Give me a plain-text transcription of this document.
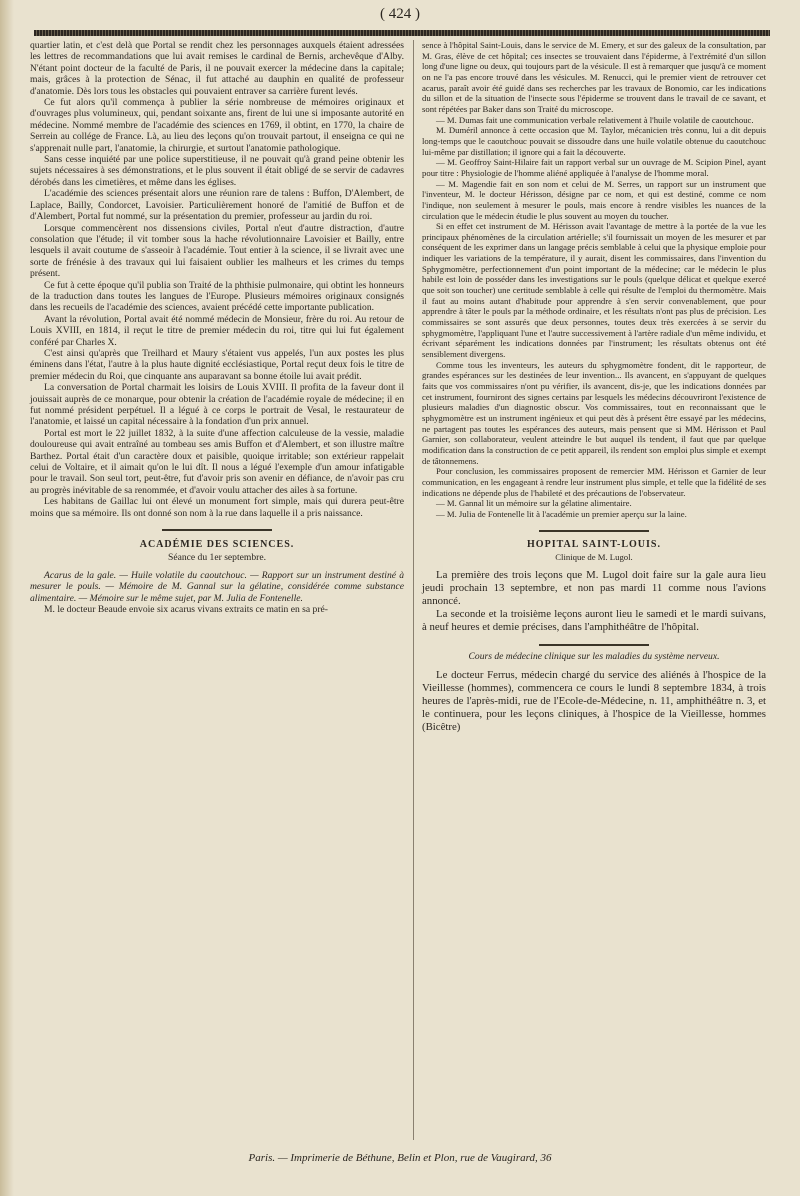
( 424 )

quartier latin, et c'est delà que Portal se rendit chez les personnages auxquels étaient adressées les lettres de recommandations que lui avait remises le cardinal de Bernis, archevêque d'Alby. N'étant point docteur de la faculté de Paris, il ne pouvait exercer la médecine dans la capitale; mais, grâces à la protection de Sénac, il fut attaché au dauphin en qualité de professeur d'anatomie. Dès lors tous les obstacles qui pouvaient entraver sa carrière furent levés.

Ce fut alors qu'il commença à publier la série nombreuse de mémoires originaux et d'ouvrages plus volumineux, qui, pendant soixante ans, firent de lui une si imposante autorité en médecine. Nommé membre de l'académie des sciences en 1769, il obtint, en 1770, la chaire de Serrein au collége de France. Là, au lieu des leçons qu'on trouvait partout, il enseigna ce qui ne s'apprenait nulle part, l'anatomie, la chirurgie, et surtout l'anatomie pathologique.

Sans cesse inquiété par une police superstitieuse, il ne pouvait qu'à grand peine obtenir les sujets nécessaires à ses démonstrations, et le plus souvent il était obligé de se servir de cadavres dérobés dans les cimetières, et même dans les églises.

L'académie des sciences présentait alors une réunion rare de talens : Buffon, D'Alembert, de Laplace, Bailly, Condorcet, Lavoisier. Particulièrement honoré de l'amitié de Buffon et de d'Alembert, Portal fut nommé, sur la présentation du premier, professeur au jardin du roi.

Lorsque commencèrent nos dissensions civiles, Portal n'eut d'autre distraction, d'autre consolation que l'étude; il vit tomber sous la hache révolutionnaire Lavoisier et Bailly, entre lesquels il avait coutume de s'asseoir à l'académie. Tout entier à la science, il se livrait avec une sorte de frénésie à des travaux qui lui faisaient oublier les malheurs et les crimes du temps présent.

Ce fut à cette époque qu'il publia son Traité de la phthisie pulmonaire, qui obtint les honneurs de la traduction dans toutes les langues de l'Europe. Plusieurs mémoires originaux consignés dans les recueils de l'académie des sciences, avaient précédé cette importante publication.

Avant la révolution, Portal avait été nommé médecin de Monsieur, frère du roi. Au retour de Louis XVIII, en 1814, il reçut le titre de premier médecin du roi, titre qui lui fut également conféré par Charles X.

C'est ainsi qu'après que Treilhard et Maury s'étaient vus appelés, l'un aux postes les plus éminens dans l'état, l'autre à la plus haute dignité ecclésiastique, Portal reçut deux fois le titre de premier médecin du Roi, que cinquante ans auparavant sa bonne étoile lui avait prédit.

La conversation de Portal charmait les loisirs de Louis XVIII. Il profita de la faveur dont il jouissait auprès de ce monarque, pour obtenir la création de l'académie royale de médecine; il en fut nommé président perpétuel. Il a légué à ce corps le portrait de Vesal, le restaurateur de l'anatomie, et laissé un capital nécessaire à la fondation d'un prix annuel.

Portal est mort le 22 juillet 1832, à la suite d'une affection calculeuse de la vessie, maladie douloureuse qui avait entraîné au tombeau ses amis Buffon et d'Alembert, et son illustre maître Barthez. Portal était d'un caractère doux et paisible, quoique irritable; son extérieur rappelait celui de Voltaire, et il aimait qu'on le lui dît. Il nous a légué l'exemple d'un amour infatigable pour le travail. Son seul tort, peut-être, fut d'avoir pris son avenir en défiance, de n'avoir pas cru au progrès inévitable de sa renommée, et d'avoir voulu attacher des ailes à sa fortune.

Les habitans de Gaillac lui ont élevé un monument fort simple, mais qui durera peut-être moins que sa mémoire. Ils ont donné son nom à la rue dans laquelle il a pris naissance.

ACADÉMIE DES SCIENCES.
Séance du 1er septembre.

Acarus de la gale. — Huile volatile du caoutchouc. — Rapport sur un instrument destiné à mesurer le pouls. — Mémoire de M. Gannal sur la gélatine, considérée comme substance alimentaire. — Mémoire sur le même sujet, par M. Julia de Fontenelle.

M. le docteur Beaude envoie six acarus vivans extraits ce matin en sa pré-

sence à l'hôpital Saint-Louis, dans le service de M. Emery, et sur des galeux de la consultation, par M. Gras, élève de cet hôpital; ces insectes se trouvaient dans l'épiderme, à l'extrémité d'un sillon long d'une ligne ou deux, qui toujours part de la vésicule. Il est à remarquer que jusqu'à ce moment on ne l'a pas encore trouvé dans les vésicules. M. Renucci, qui le premier vient de retrouver cet acarus, paraît avoir été guidé dans ses recherches par les travaux de Bonomio, car les indications du sillon et de la situation de l'insecte sous l'épiderme se trouvent dans le travail de ce savant, et sont répétées par Baker dans son Traité du microscope.

— M. Dumas fait une communication verbale relativement à l'huile volatile de caoutchouc.

M. Duméril annonce à cette occasion que M. Taylor, mécanicien très connu, lui a dit depuis long-temps que le caoutchouc pouvait se dissoudre dans une huile volatile obtenue du caoutchouc lui-même par distillation; il ignore qui a fait la découverte.

— M. Geoffroy Saint-Hilaire fait un rapport verbal sur un ouvrage de M. Scipion Pinel, ayant pour titre : Physiologie de l'homme aliéné appliquée à l'analyse de l'homme moral.

— M. Magendie fait en son nom et celui de M. Serres, un rapport sur un instrument que l'inventeur, M. le docteur Hérisson, désigne par ce nom, et qui est destiné, comme ce nom l'indique, non seulement à mesurer le pouls, mais encore à rendre visibles les nuances de la circulation que le médecin étudie le plus souvent au moyen du toucher.

Si en effet cet instrument de M. Hérisson avait l'avantage de mettre à la portée de la vue les principaux phénomènes de la circulation artérielle; s'il fournissait un moyen de les mesurer et par conséquent de les exprimer dans un langage précis semblable à celui que la physique emploie pour indiquer les variations de la température, il y aurait, disent les commissaires, dans l'invention du Sphygmomètre, perfectionnement d'un point important de la médecine; car le médecin le plus habile est loin de posséder dans les investigations sur le pouls (quelque délicat et quelque exercé que soit son toucher) une certitude semblable à celle qui résulte de l'emploi du thermomètre. Mais il faut au moins autant d'habitude pour apprendre à s'en servir convenablement, que pour apprendre à tâter le pouls par la méthode ordinaire, et les résultats n'ont pas plus de précision. Les commissaires se sont assurés que deux personnes, toutes deux très exercées à se servir du sphygmomètre, l'appliquant l'une et l'autre successivement à l'artère radiale d'un même individu, et écrivant séparément les indications données par l'instrument; les résultats obtenus ont été sensiblement divergens.

Comme tous les inventeurs, les auteurs du sphygmomètre fondent, dit le rapporteur, de grandes espérances sur les destinées de leur invention... Ils avancent, en s'appuyant de quelques faits que vos commissaires n'ont pu vérifier, ils avancent, dis-je, que les indications données par cet instrument, fourniront des signes certains par lesquels les médecins découvriront l'existence de plusieurs maladies d'un diagnostic obscur. Vos commissaires, tout en reconnaissant que le sphygmomètre est un instrument ingénieux et qui peut dès à présent être essayé par les médecins, ne partagent pas toutes les espérances des auteurs, mais pensent que si MM. Hérisson et Paul Garnier, son collaborateur, veulent atteindre le but auquel ils tendent, il faut que par quelque modification dans la construction de ce petit appareil, ils rendent son emploi plus simple et exempt de tâtonnemens.

Pour conclusion, les commissaires proposent de remercier MM. Hérisson et Garnier de leur communication, en les engageant à rendre leur instrument plus simple, et telle que la fidélité de ses indications ne dépende plus de l'habileté et des précautions de l'observateur.

— M. Gannal lit un mémoire sur la gélatine alimentaire.

— M. Julia de Fontenelle lit à l'académie un premier aperçu sur la laine.

HOPITAL SAINT-LOUIS.
Clinique de M. Lugol.

La première des trois leçons que M. Lugol doit faire sur la gale aura lieu jeudi prochain 13 septembre, et non pas mardi 11 comme nous l'avions annoncé.

La seconde et la troisième leçons auront lieu le samedi et le mardi suivans, à neuf heures et demie précises, dans l'amphithéâtre de l'hôpital.

Cours de médecine clinique sur les maladies du système nerveux.

Le docteur Ferrus, médecin chargé du service des aliénés à l'hospice de la Vieillesse (hommes), commencera ce cours le lundi 8 septembre 1834, à trois heures de l'après-midi, rue de l'Ecole-de-Médecine, n. 11, amphithéâtre n. 3, et le continuera, pour les leçons cliniques, à l'hospice de la Vieillesse, hommes (Bicêtre)

Paris. — Imprimerie de Béthune, Belin et Plon, rue de Vaugirard, 36
